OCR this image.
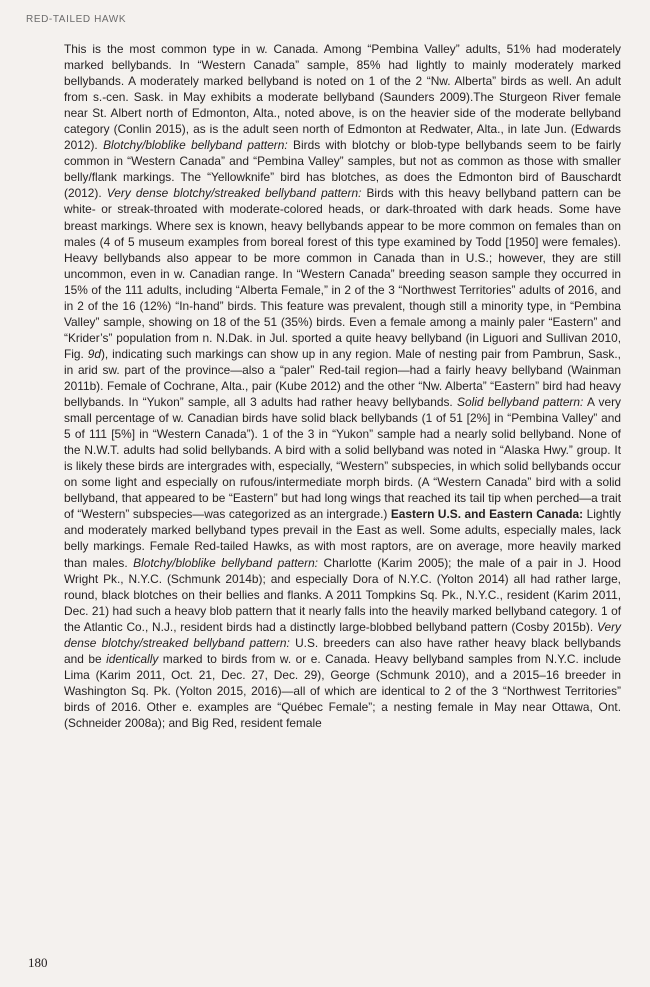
RED-TAILED HAWK

This is the most common type in w. Canada. Among “Pembina Valley” adults, 51% had moderately marked bellybands. In “Western Canada” sample, 85% had lightly to mainly moderately marked bellybands. A moderately marked bellyband is noted on 1 of the 2 “Nw. Alberta” birds as well. An adult from s.-cen. Sask. in May exhibits a moderate bellyband (Saunders 2009).The Sturgeon River female near St. Albert north of Edmonton, Alta., noted above, is on the heavier side of the moderate bellyband category (Conlin 2015), as is the adult seen north of Edmonton at Redwater, Alta., in late Jun. (Edwards 2012). Blotchy/bloblike bellyband pattern: Birds with blotchy or blob-type bellybands seem to be fairly common in “Western Canada” and “Pembina Valley” samples, but not as common as those with smaller belly/flank markings. The “Yellowknife” bird has blotches, as does the Edmonton bird of Bauschardt (2012). Very dense blotchy/streaked bellyband pattern: Birds with this heavy bellyband pattern can be white- or streak-throated with moderate-colored heads, or dark-throated with dark heads. Some have breast markings. Where sex is known, heavy bellybands appear to be more common on females than on males (4 of 5 museum examples from boreal forest of this type examined by Todd [1950] were females). Heavy bellybands also appear to be more common in Canada than in U.S.; however, they are still uncommon, even in w. Canadian range. In “Western Canada” breeding season sample they occurred in 15% of the 111 adults, including “Alberta Female,” in 2 of the 3 “Northwest Territories” adults of 2016, and in 2 of the 16 (12%) “In-hand” birds. This feature was prevalent, though still a minority type, in “Pembina Valley” sample, showing on 18 of the 51 (35%) birds. Even a female among a mainly paler “Eastern” and “Krider’s” population from n. N.Dak. in Jul. sported a quite heavy bellyband (in Liguori and Sullivan 2010, Fig. 9d), indicating such markings can show up in any region. Male of nesting pair from Pambrun, Sask., in arid sw. part of the province—also a “paler” Red-tail region—had a fairly heavy bellyband (Wainman 2011b). Female of Cochrane, Alta., pair (Kube 2012) and the other “Nw. Alberta” “Eastern” bird had heavy bellybands. In “Yukon” sample, all 3 adults had rather heavy bellybands. Solid bellyband pattern: A very small percentage of w. Canadian birds have solid black bellybands (1 of 51 [2%] in “Pembina Valley” and 5 of 111 [5%] in “Western Canada”). 1 of the 3 in “Yukon” sample had a nearly solid bellyband. None of the N.W.T. adults had solid bellybands. A bird with a solid bellyband was noted in “Alaska Hwy.” group. It is likely these birds are intergrades with, especially, “Western” subspecies, in which solid bellybands occur on some light and especially on rufous/intermediate morph birds. (A “Western Canada” bird with a solid bellyband, that appeared to be “Eastern” but had long wings that reached its tail tip when perched—a trait of “Western” subspecies—was categorized as an intergrade.) Eastern U.S. and Eastern Canada: Lightly and moderately marked bellyband types prevail in the East as well. Some adults, especially males, lack belly markings. Female Red-tailed Hawks, as with most raptors, are on average, more heavily marked than males. Blotchy/bloblike bellyband pattern: Charlotte (Karim 2005); the male of a pair in J. Hood Wright Pk., N.Y.C. (Schmunk 2014b); and especially Dora of N.Y.C. (Yolton 2014) all had rather large, round, black blotches on their bellies and flanks. A 2011 Tompkins Sq. Pk., N.Y.C., resident (Karim 2011, Dec. 21) had such a heavy blob pattern that it nearly falls into the heavily marked bellyband category. 1 of the Atlantic Co., N.J., resident birds had a distinctly large-blobbed bellyband pattern (Cosby 2015b). Very dense blotchy/streaked bellyband pattern: U.S. breeders can also have rather heavy black bellybands and be identically marked to birds from w. or e. Canada. Heavy bellyband samples from N.Y.C. include Lima (Karim 2011, Oct. 21, Dec. 27, Dec. 29), George (Schmunk 2010), and a 2015–16 breeder in Washington Sq. Pk. (Yolton 2015, 2016)—all of which are identical to 2 of the 3 “Northwest Territories” birds of 2016. Other e. examples are “Québec Female”; a nesting female in May near Ottawa, Ont. (Schneider 2008a); and Big Red, resident female

180
